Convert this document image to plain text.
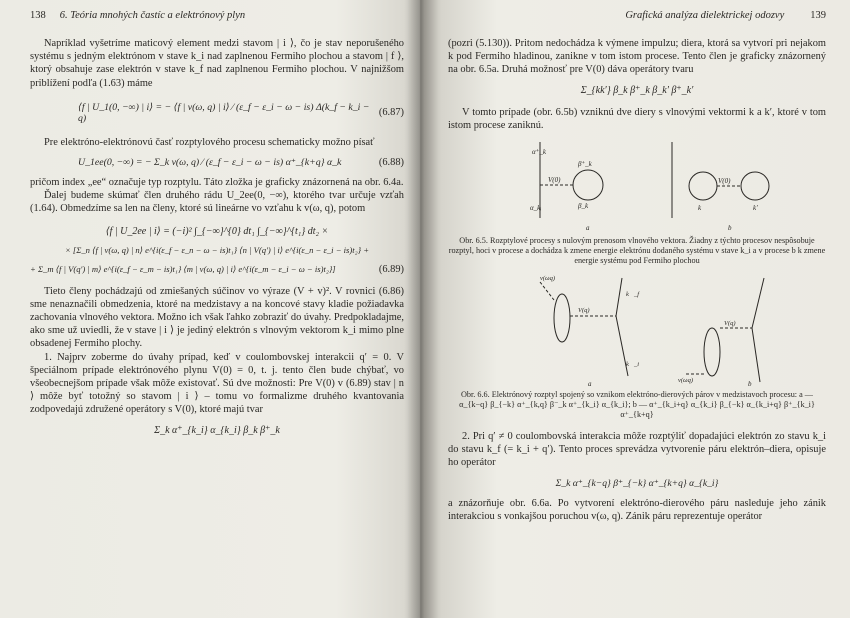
138 6. Teória mnohých častíc a elektrónový plyn

Napríklad vyšetríme maticový element medzi stavom | i ⟩, čo je stav neporušeného systému s jedným elektrónom v stave k_i nad zaplnenou Fermiho plochou a stavom | f ⟩, ktorý obsahuje zase elektrón v stave k_f nad zaplnenou Fermiho plochou. V najnižšom priblížení podľa (1.63) máme

⟨f | U_1(0, −∞) | i⟩ = − ⟨f | v(ω, q) | i⟩ ⁄ (ε_f − ε_i − ω − is) Δ(k_f − k_i − q)	(6.87)

Pre elektróno-elektrónovú časť rozptylového procesu schematicky možno písať

U_1ee(0, −∞) = − Σ_k v(ω, q) ⁄ (ε_f − ε_i − ω − is) α⁺_{k+q} α_k	(6.88)

pričom index „ee“ označuje typ rozptylu. Táto zložka je graficky znázornená na obr. 6.4a.

Ďalej budeme skúmať člen druhého rádu U_2ee(0, −∞), ktorého tvar určuje vzťah (1.64). Obmedzíme sa len na členy, ktoré sú lineárne vo vzťahu k v(ω, q), potom

⟨f | U_2ee | i⟩ = (−i)² ∫_{−∞}^{0} dt₁ ∫_{−∞}^{t₁} dt₂ ×
× [Σ_n ⟨f | v(ω, q) | n⟩ e^{i(ε_f − ε_n − ω − is)t₁} ⟨n | V(q′) | i⟩ e^{i(ε_n − ε_i − is)t₂} +
+ Σ_m ⟨f | V(q′) | m⟩ e^{i(ε_f − ε_m − is)t₁} ⟨m | v(ω, q) | i⟩ e^{i(ε_m − ε_i − ω − is)t₂}]	(6.89)

Tieto členy pochádzajú od zmiešaných súčinov vo výraze (V + v)². V rovnici (6.86) sme nenaznačili obmedzenia, ktoré na medzistavy a na koncové stavy kladie požiadavka zachovania vlnového vektora. Možno ich však ľahko zobraziť do úvahy. Predpokladajme, ako sme už uviedli, že v stave | i ⟩ je jediný elektrón s vlnovým vektorom k_i mimo plne obsadenej Fermiho plochy.

1. Najprv zoberme do úvahy prípad, keď v coulombovskej interakcii q′ = 0. V špeciálnom prípade elektrónového plynu V(0) = 0, t. j. tento člen bude chýbať, vo všeobecnejšom prípade však môže existovať. Sú dve možnosti: Pre V(0) v (6.89) stav | n ⟩ môže byť totožný so stavom | i ⟩ – tomu vo formalizme druhého kvantovania zodpovedajú združené operátory s V(0), ktoré majú tvar

Σ_k α⁺_{k_i} α_{k_i} β_k β⁺_k
Grafická analýza dielektrickej odozvy 139

(pozri (5.130)). Pritom nedochádza k výmene impulzu; diera, ktorá sa vytvorí pri nejakom k pod Fermiho hladinou, zanikne v tom istom procese. Tento člen je graficky znázornený na obr. 6.5a. Druhá možnosť pre V(0) dáva operátory tvaru

Σ_{kk′} β_k β⁺_k β_k′ β⁺_k′

V tomto prípade (obr. 6.5b) vzniknú dve diery s vlnovými vektormi k a k′, ktoré v tom istom procese zaniknú.

α⁺_k
α_kᵢ
V(0)
β⁺_k
β_k
V(0)
k	k′
a	b
Obr. 6.5. Rozptylové procesy s nulovým prenosom vlnového vektora. Žiadny z týchto procesov nespôsobuje rozptyl, hoci v procese a dochádza k zmene energie elektrónu dodaného systému v stave k_i a v procese b k zmene energie systému pod Fermiho plochou
v(ωq)
V(q)
V(q)
v(ωq)
k⃗_f
k⃗_i
a	b
Obr. 6.6. Elektrónový rozptyl spojený so vznikom elektróno-dierových párov v medzistavoch procesu: a — α_{k−q} β_{−k} α⁺_{k,q} β⁻_k α⁺_{k_i} α_{k_i}; b — α⁺_{k_i+q} α_{k_i} β_{−k} α_{k_i+q} β⁺_{k_i} α⁺_{k+q}

2. Pri q′ ≠ 0 coulombovská interakcia môže rozptýliť dopadajúci elektrón zo stavu k_i do stavu k_f (= k_i + q′). Tento proces sprevádza vytvorenie páru elektrón–diera, opisuje ho operátor

Σ_k α⁺_{k−q} β⁺_{−k} α⁺_{k+q} α_{k_i}

a znázorňuje obr. 6.6a. Po vytvorení elektróno-dierového páru nasleduje jeho zánik interakciou s vonkajšou poruchou v(ω, q). Zánik páru reprezentuje operátor
